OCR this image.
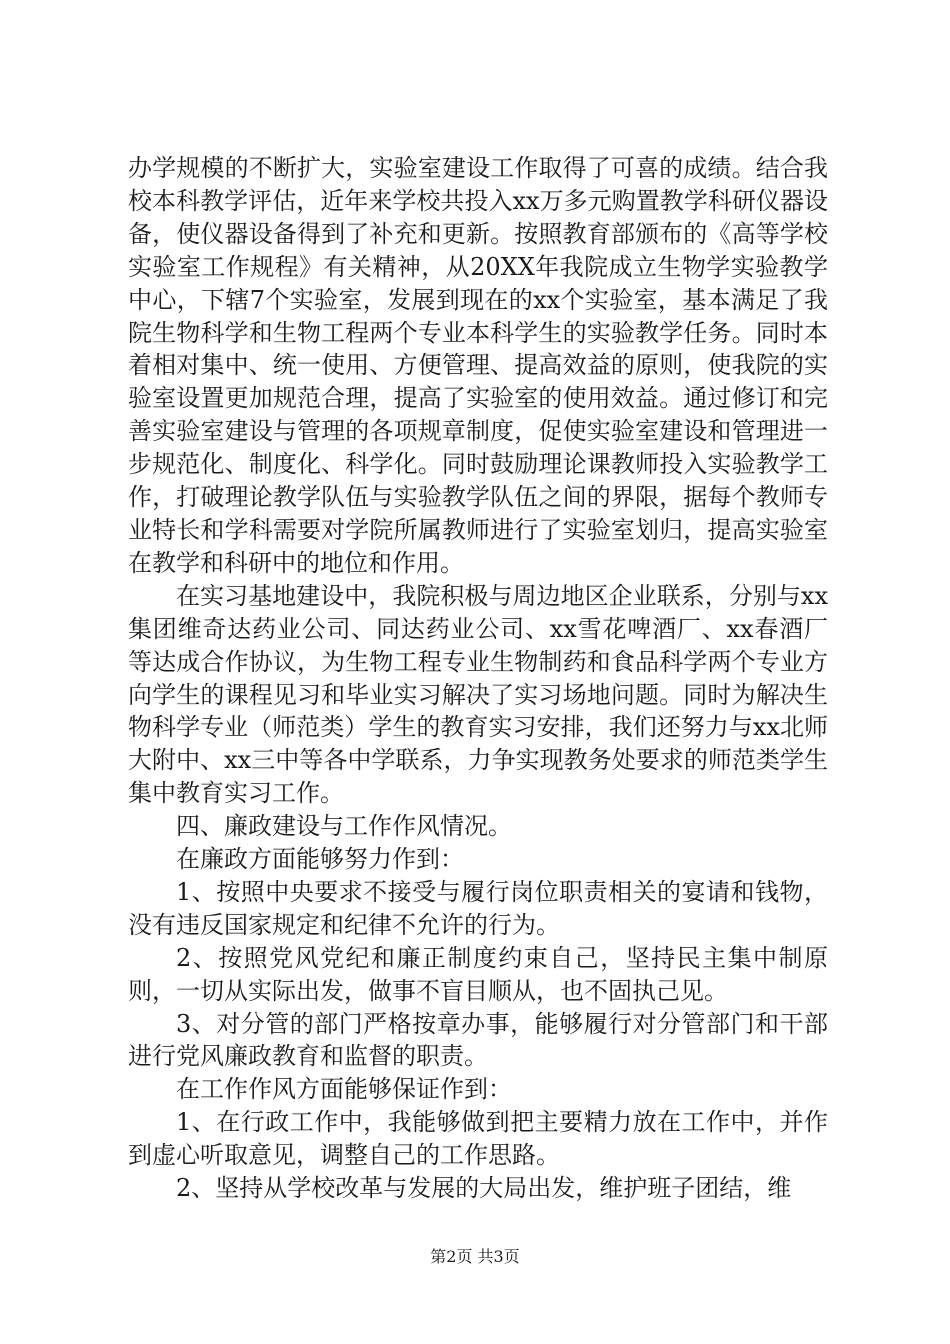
办学规模的不断扩大，实验室建设工作取得了可喜的成绩。结合我校本科教学评估，近年来学校共投入xx万多元购置教学科研仪器设备，使仪器设备得到了补充和更新。按照教育部颁布的《高等学校实验室工作规程》有关精神，从20XX年我院成立生物学实验教学中心，下辖7个实验室，发展到现在的xx个实验室，基本满足了我院生物科学和生物工程两个专业本科学生的实验教学任务。同时本着相对集中、统一使用、方便管理、提高效益的原则，使我院的实验室设置更加规范合理，提高了实验室的使用效益。通过修订和完善实验室建设与管理的各项规章制度，促使实验室建设和管理进一步规范化、制度化、科学化。同时鼓励理论课教师投入实验教学工作，打破理论教学队伍与实验教学队伍之间的界限，据每个教师专业特长和学科需要对学院所属教师进行了实验室划归，提高实验室在教学和科研中的地位和作用。

在实习基地建设中，我院积极与周边地区企业联系，分别与xx集团维奇达药业公司、同达药业公司、xx雪花啤酒厂、xx春酒厂等达成合作协议，为生物工程专业生物制药和食品科学两个专业方向学生的课程见习和毕业实习解决了实习场地问题。同时为解决生物科学专业（师范类）学生的教育实习安排，我们还努力与xx北师大附中、xx三中等各中学联系，力争实现教务处要求的师范类学生集中教育实习工作。

四、廉政建设与工作作风情况。

在廉政方面能够努力作到：

1、按照中央要求不接受与履行岗位职责相关的宴请和钱物，没有违反国家规定和纪律不允许的行为。

2、按照党风党纪和廉正制度约束自己，坚持民主集中制原则，一切从实际出发，做事不盲目顺从，也不固执己见。

3、对分管的部门严格按章办事，能够履行对分管部门和干部进行党风廉政教育和监督的职责。

在工作作风方面能够保证作到：

1、在行政工作中，我能够做到把主要精力放在工作中，并作到虚心听取意见，调整自己的工作思路。

2、坚持从学校改革与发展的大局出发，维护班子团结，维

第2页 共3页
